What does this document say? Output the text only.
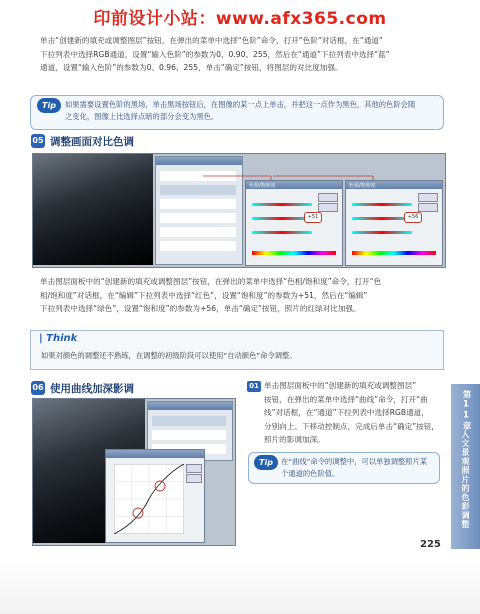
印前设计小站：www.afx365.com
单击“创建新的填充或调整图层”按钮，在弹出的菜单中选择“色阶”命令，打开“色阶”对话框，在“通道”
下拉列表中选择RGB通道，设置“输入色阶”的参数为0、0.90、255，然后在“通道”下拉列表中选择“蓝”
通道，设置“输入色阶”的参数为0、0.96、255，单击“确定”按钮，将图层的对比度加强。
Tip	如果需要设置色阶的黑场，单击黑场按钮后，在图像的某一点上单击，并把这一点作为黑色，其他的色阶会随
之变化，图像上比选择点暗的部分会变为黑色。
05 调整画面对比色调
色相/饱和度
+51
色相/饱和度
+56
单击图层面板中的“创建新的填充或调整图层”按钮，在弹出的菜单中选择“色相/饱和度”命令，打开“色
相/饱和度”对话框，在“编辑”下拉列表中选择“红色”，设置“饱和度”的参数为+51，然后在“编辑”
下拉列表中选择“绿色”，设置“饱和度”的参数为+56，单击“确定”按钮，照片的红绿对比加强。
| Think
如果对颜色的调整还不熟练，在调整的初级阶段可以使用“自动颜色”命令调整。
06 使用曲线加深影调	01 单击图层面板中的“创建新的填充或调整图层”
按钮，在弹出的菜单中选择“曲线”命令，打开“曲
线”对话框，在“通道”下拉列表中选择RGB通道，
分别向上、下移动控制点，完成后单击“确定”按钮，
照片的影调加深。
Tip	在“曲线”命令的调整中，可以单独调整照片某
个通道的色阶值。
第11章
人文景观照片的色彩调整
225
